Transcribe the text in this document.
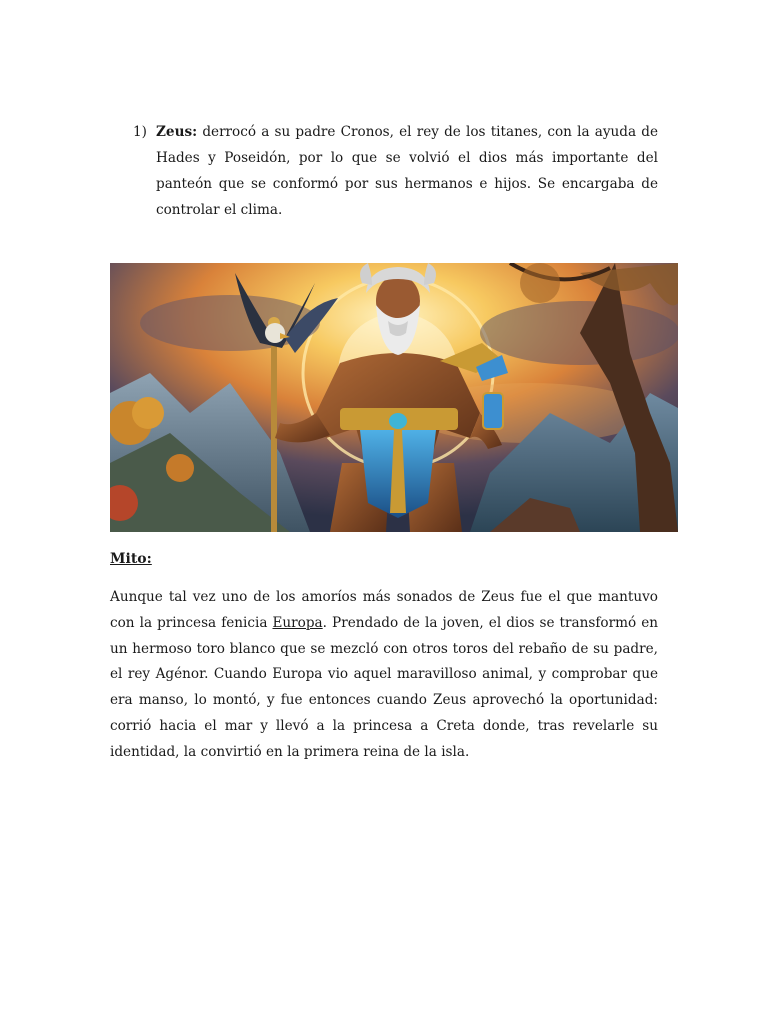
1) Zeus: derrocó a su padre Cronos, el rey de los titanes, con la ayuda de Hades y Poseidón, por lo que se volvió el dios más importante del panteón que se conformó por sus hermanos e hijos. Se encargaba de controlar el clima.
Mito:

Aunque tal vez uno de los amoríos más sonados de Zeus fue el que mantuvo con la princesa fenicia Europa. Prendado de la joven, el dios se transformó en un hermoso toro blanco que se mezcló con otros toros del rebaño de su padre, el rey Agénor. Cuando Europa vio aquel maravilloso animal, y comprobar que era manso, lo montó, y fue entonces cuando Zeus aprovechó la oportunidad: corrió hacia el mar y llevó a la princesa a Creta donde, tras revelarle su identidad, la convirtió en la primera reina de la isla.
